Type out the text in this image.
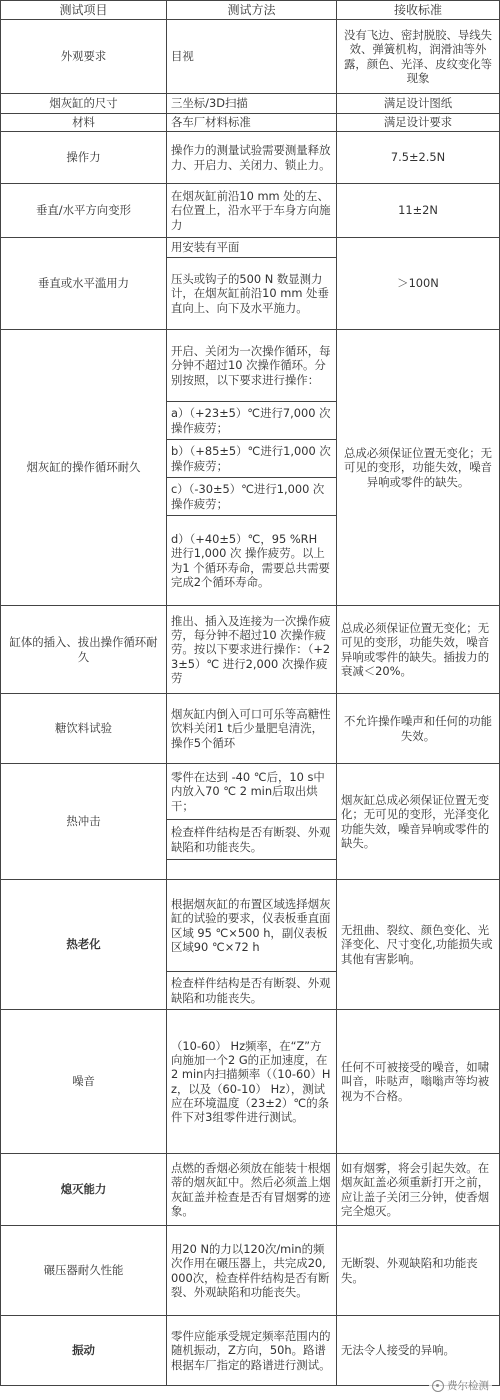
测试项目	测试方法	接收标准
外观要求	目视	没有飞边、密封脱胶、导线失效、弹簧机构，润滑油等外露，颜色、光泽、皮纹变化等现象
烟灰缸的尺寸	三坐标/3D扫描	满足设计图纸
材料	各车厂材料标准	满足设计要求
操作力	操作力的测量试验需要测量释放力、开启力、关闭力、锁止力。	7.5±2.5N
垂直/水平方向变形	在烟灰缸前沿10 mm 处的左、右位置上，沿水平于车身方向施力	11±2N
垂直或水平滥用力	用安装有平面	＞100N
	压头或钩子的500 N 数显测力计，在烟灰缸前沿10 mm 处垂直向上、向下及水平施力。	
烟灰缸的操作循环耐久	开启、关闭为一次操作循环，每分钟不超过10 次操作循环。分别按照，以下要求进行操作：	总成必须保证位置无变化；无可见的变形，功能失效，噪音异响或零件的缺失。
	a）（+23±5）℃进行7,000 次操作疲劳；	
	b）（+85±5）℃进行1,000 次操作疲劳；	
	c）（-30±5）℃进行1,000 次操作疲劳；	
	d）（+40±5）℃，95 %RH 进行1,000 次 操作疲劳。以上为1 个循环寿命，需要总共需要完成2个循环寿命。	
缸体的插入、拔出操作循环耐久	推出、插入及连接为一次操作疲劳，每分钟不超过10 次操作疲劳。按以下要求进行操作：（+23±5）℃ 进行2,000 次操作疲劳	总成必须保证位置无变化；无可见的变形，功能失效，噪音异响或零件的缺失。插拔力的衰减＜20%。
糖饮料试验	烟灰缸内倒入可口可乐等高糖性饮料关闭1 t后少量肥皂清洗，操作5个循环	不允许操作噪声和任何的功能失效。
热冲击	零件在达到 -40 ℃后，10 s中内放入70 ℃ 2 min后取出烘干；	烟灰缸总成必须保证位置无变化；无可见的变形，光泽变化功能失效，噪音异响或零件的缺失。
	检查样件结构是否有断裂、外观缺陷和功能丧失。	

热老化	根据烟灰缸的布置区域选择烟灰缸的试验的要求，仪表板垂直面区域 95 ℃×500 h，副仪表板区域90 ℃×72 h	无扭曲、裂纹、颜色变化、光泽变化、尺寸变化,功能损失或其他有害影响。
	检查样件结构是否有断裂、外观缺陷和功能丧失。	
噪音	（10-60） Hz频率，在“Z”方向施加一个2 G的正加速度，在2 min内扫描频率（（10-60）Hz，以及（60-10） Hz），测试应在环境温度（23±2）℃的条件下对3组零件进行测试。	任何不可被接受的噪音，如啸叫音，咔哒声，嗡嗡声等均被视为不合格。
熄灭能力	点燃的香烟必须放在能装十根烟蒂的烟灰缸中。然后必须盖上烟灰缸盖并检查是否有冒烟雾的迹象。	如有烟雾，将会引起失效。在烟灰缸盖必须重新打开之前，应让盖子关闭三分钟，使香烟完全熄灭。
碾压器耐久性能	用20 N的力以120次/min的频次作用在碾压器上，共完成20,000次，检查样件结构是否有断裂、外观缺陷和功能丧失。	无断裂、外观缺陷和功能丧失。
振动	零件应能承受规定频率范围内的随机振动，Z方向，50h。路谱根据车厂指定的路谱进行测试。	无法令人接受的异响。
费尔检测
